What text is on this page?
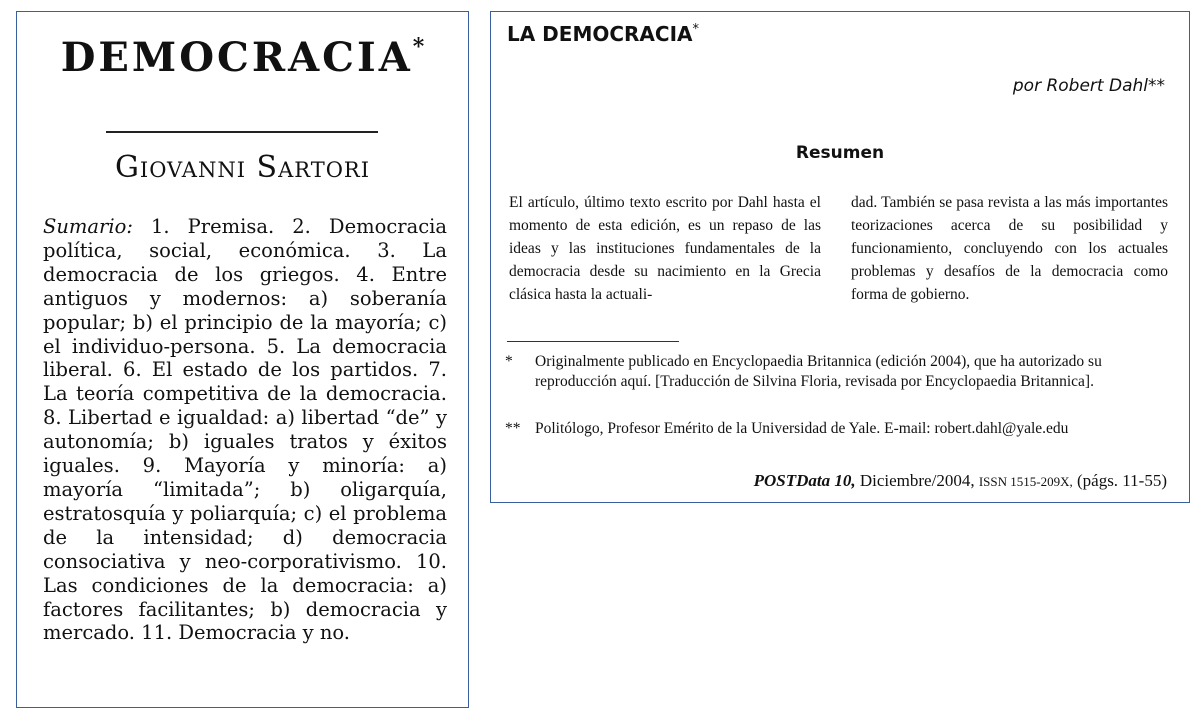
DEMOCRACIA*
Giovanni Sartori
Sumario: 1. Premisa. 2. Democracia política, social, económica. 3. La democracia de los griegos. 4. Entre antiguos y modernos: a) soberanía popular; b) el principio de la mayoría; c) el individuo-persona. 5. La democracia liberal. 6. El estado de los partidos. 7. La teoría competitiva de la democracia. 8. Libertad e igualdad: a) libertad “de” y autonomía; b) iguales tratos y éxitos iguales. 9. Mayoría y minoría: a) mayoría “limitada”; b) oligarquía, estratosquía y poliarquía; c) el problema de la intensidad; d) democracia consociativa y neo-corporativismo. 10. Las condiciones de la democracia: a) factores facilitantes; b) democracia y mercado. 11. Democracia y no.
LA DEMOCRACIA*
por Robert Dahl**
Resumen
El artículo, último texto escrito por Dahl hasta el momento de esta edición, es un repaso de las ideas y las instituciones fundamentales de la democracia desde su nacimiento en la Grecia clásica hasta la actuali-
dad. También se pasa revista a las más importantes teorizaciones acerca de su posibilidad y funcionamiento, concluyendo con los actuales problemas y desafíos de la democracia como forma de gobierno.
*	Originalmente publicado en Encyclopaedia Britannica (edición 2004), que ha autorizado su reproducción aquí. [Traducción de Silvina Floria, revisada por Encyclopaedia Britannica].
** Politólogo, Profesor Emérito de la Universidad de Yale. E-mail: robert.dahl@yale.edu
POSTData 10, Diciembre/2004, ISSN 1515-209X, (págs. 11-55)
